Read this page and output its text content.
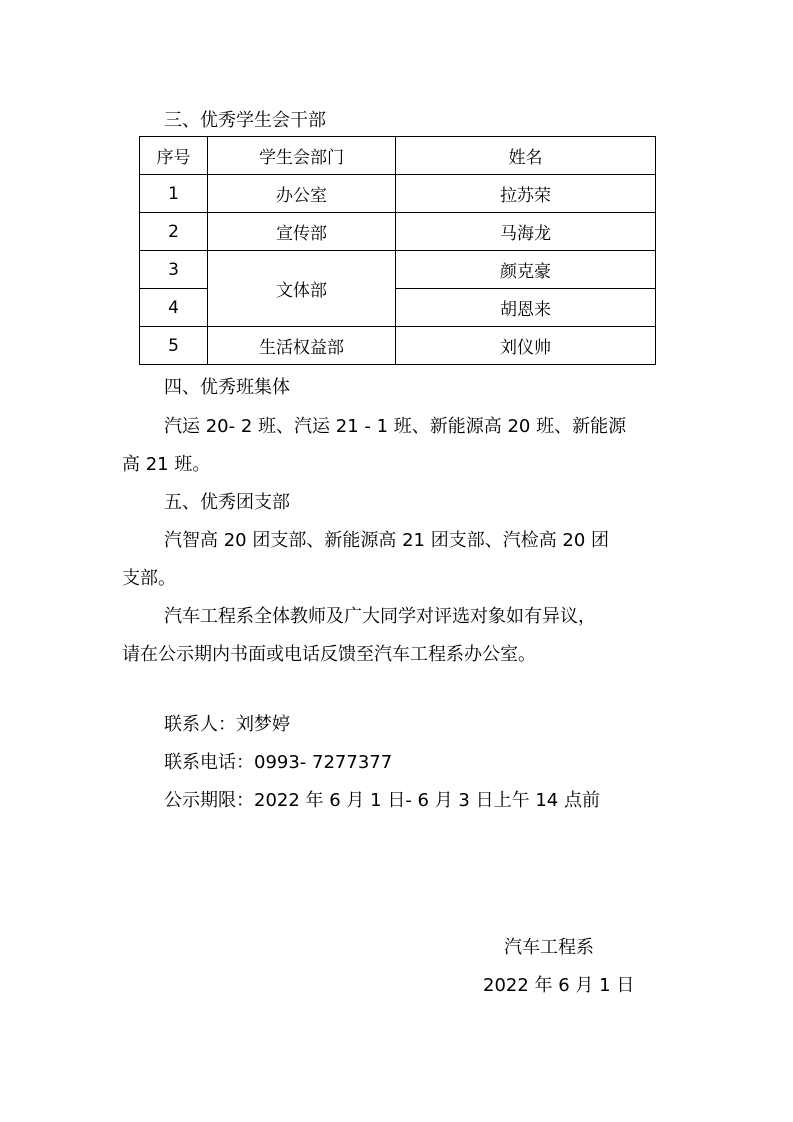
三、优秀学生会干部
序号	学生会部门	姓名
1	办公室	拉苏荣
2	宣传部	马海龙
3	文体部	颜克豪
4		胡恩来
5	生活权益部	刘仪帅
四、优秀班集体
汽运 20- 2 班、汽运 21 - 1 班、新能源高 20 班、新能源
高 21 班。
五、优秀团支部
汽智高 20 团支部、新能源高 21 团支部、汽检高 20 团
支部。
汽车工程系全体教师及广大同学对评选对象如有异议，
请在公示期内书面或电话反馈至汽车工程系办公室。
联系人：刘梦婷
联系电话：0993- 7277377
公示期限：2022 年 6 月 1 日- 6 月 3 日上午 14 点前
汽车工程系
2022 年 6 月 1 日
